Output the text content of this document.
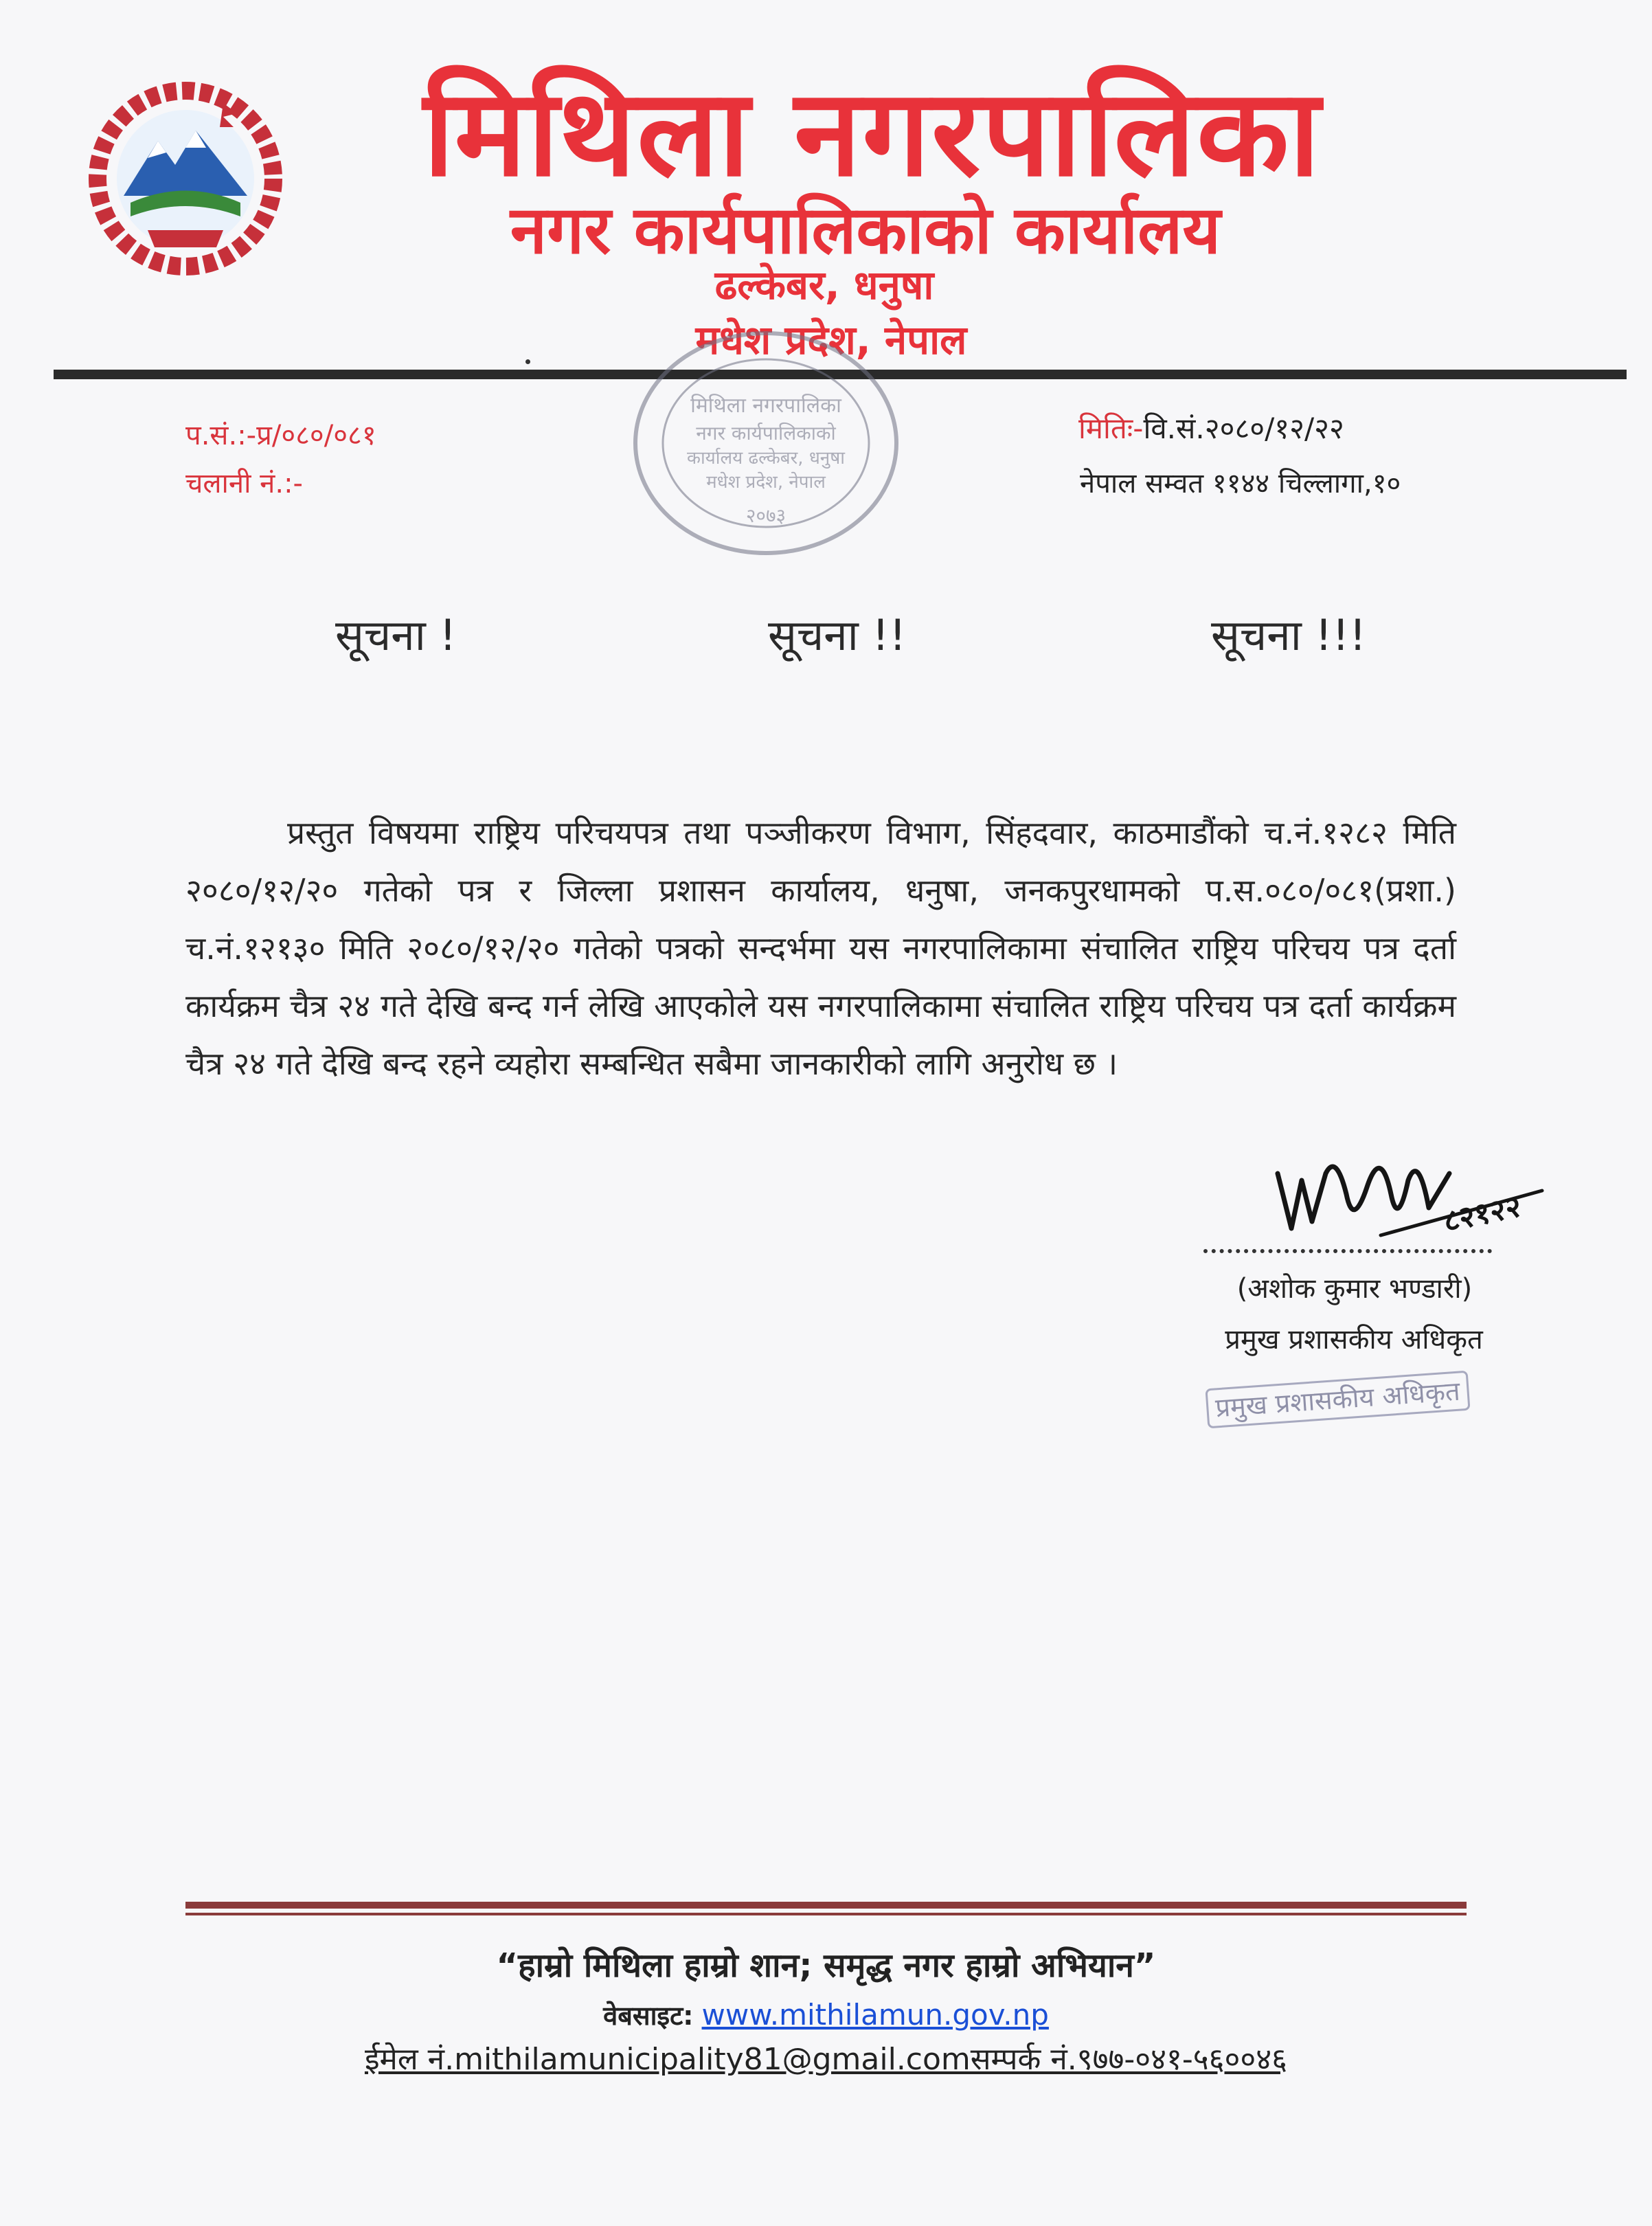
मिथिला नगरपालिका
नगर कार्यपालिकाको कार्यालय
ढल्केबर, धनुषा
मधेश प्रदेश, नेपाल
मिथिला नगरपालिका
नगर कार्यपालिकाको
कार्यालय ढल्केबर, धनुषा
मधेश प्रदेश, नेपाल
२०७३
प.सं.:-प्र/०८०/०८१
चलानी नं.:-
मितिः-वि.सं.२०८०/१२/२२
नेपाल सम्वत ११४४ चिल्लागा,१०
सूचना !	सूचना !!	सूचना !!!

प्रस्तुत विषयमा राष्ट्रिय परिचयपत्र तथा पञ्जीकरण विभाग, सिंहदवार, काठमाडौंको च.नं.१२८२ मिति २०८०/१२/२० गतेको पत्र र जिल्ला प्रशासन कार्यालय, धनुषा, जनकपुरधामको प.स.०८०/०८१(प्रशा.) च.नं.१२१३० मिति २०८०/१२/२० गतेको पत्रको सन्दर्भमा यस नगरपालिकामा संचालित राष्ट्रिय परिचय पत्र दर्ता कार्यक्रम चैत्र २४ गते देखि बन्द गर्न लेखि आएकोले यस नगरपालिकामा संचालित राष्ट्रिय परिचय पत्र दर्ता कार्यक्रम चैत्र २४ गते देखि बन्द रहने व्यहोरा सम्बन्धित सबैमा जानकारीको लागि अनुरोध छ ।

८२१२२
(अशोक कुमार भण्डारी)
प्रमुख प्रशासकीय अधिकृत
प्रमुख प्रशासकीय अधिकृत
“हाम्रो मिथिला हाम्रो शान; समृद्ध नगर हाम्रो अभियान”
वेबसाइट: www.mithilamun.gov.np
ईमेल नं.mithilamunicipality81@gmail.comसम्पर्क नं.९७७-०४१-५६००४६
